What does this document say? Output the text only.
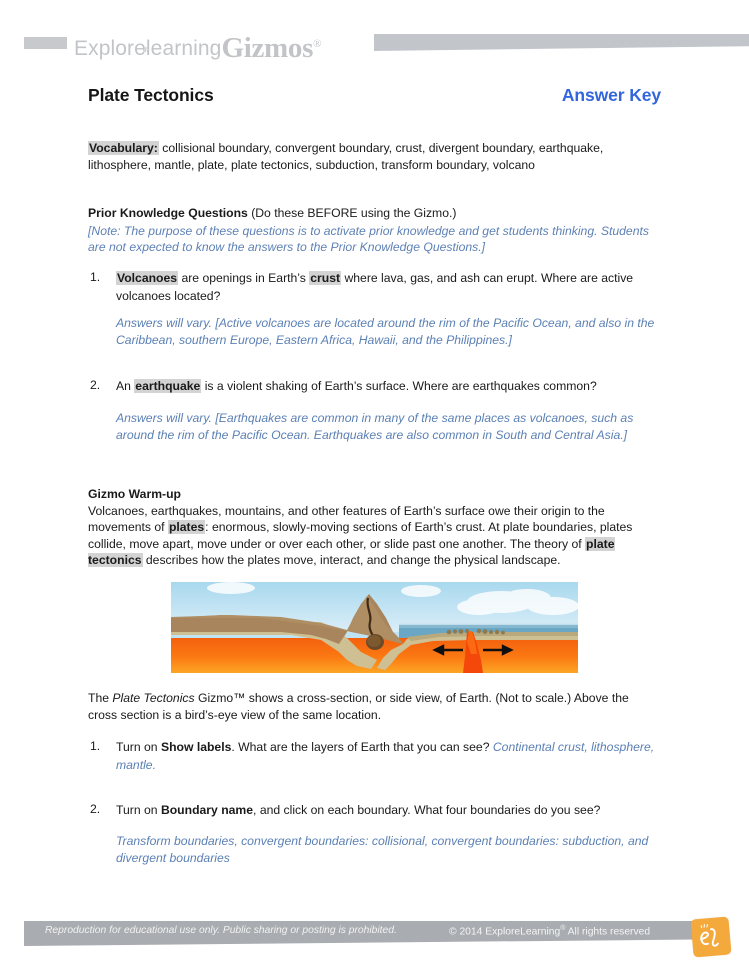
Explore
learningGizmos®
Plate Tectonics	Answer Key

Vocabulary: collisional boundary, convergent boundary, crust, divergent boundary, earthquake, lithosphere, mantle, plate, plate tectonics, subduction, transform boundary, volcano

Prior Knowledge Questions (Do these BEFORE using the Gizmo.)

[Note: The purpose of these questions is to activate prior knowledge and get students thinking. Students are not expected to know the answers to the Prior Knowledge Questions.]

1. Volcanoes are openings in Earth’s crust where lava, gas, and ash can erupt. Where are active volcanoes located?

Answers will vary. [Active volcanoes are located around the rim of the Pacific Ocean, and also in the Caribbean, southern Europe, Eastern Africa, Hawaii, and the Philippines.]

2. An earthquake is a violent shaking of Earth’s surface. Where are earthquakes common?

Answers will vary. [Earthquakes are common in many of the same places as volcanoes, such as around the rim of the Pacific Ocean. Earthquakes are also common in South and Central Asia.]

Gizmo Warm-up

Volcanoes, earthquakes, mountains, and other features of Earth’s surface owe their origin to the movements of plates: enormous, slowly-moving sections of Earth’s crust. At plate boundaries, plates collide, move apart, move under or over each other, or slide past one another. The theory of plate tectonics describes how the plates move, interact, and change the physical landscape.

The Plate Tectonics Gizmo™ shows a cross-section, or side view, of Earth. (Not to scale.) Above the cross section is a bird’s-eye view of the same location.

1. Turn on Show labels. What are the layers of Earth that you can see? Continental crust, lithosphere, mantle.
2. Turn on Boundary name, and click on each boundary. What four boundaries do you see?

Transform boundaries, convergent boundaries: collisional, convergent boundaries: subduction, and divergent boundaries

Reproduction for educational use only. Public sharing or posting is prohibited.	© 2014 ExploreLearning® All rights reserved
